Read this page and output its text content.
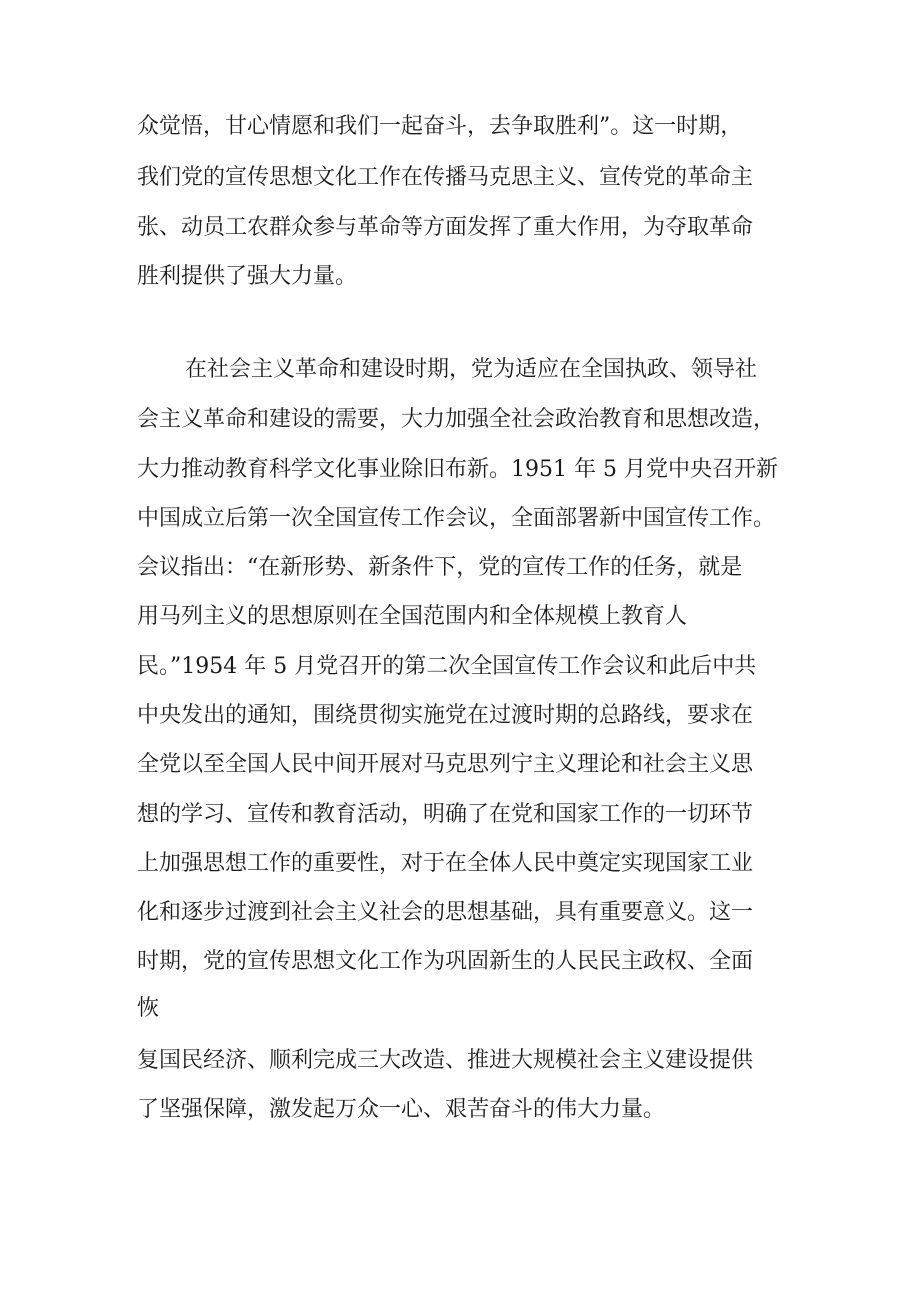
众觉悟，甘心情愿和我们一起奋斗，去争取胜利”。这一时期，
我们党的宣传思想文化工作在传播马克思主义、宣传党的革命主
张、动员工农群众参与革命等方面发挥了重大作用，为夺取革命
胜利提供了强大力量。
在社会主义革命和建设时期，党为适应在全国执政、领导社
会主义革命和建设的需要，大力加强全社会政治教育和思想改造，
大力推动教育科学文化事业除旧布新。1951 年 5 月党中央召开新
中国成立后第一次全国宣传工作会议，全面部署新中国宣传工作。
会议指出：“在新形势、新条件下，党的宣传工作的任务，就是
用马列主义的思想原则在全国范围内和全体规模上教育人
民。”1954 年 5 月党召开的第二次全国宣传工作会议和此后中共
中央发出的通知，围绕贯彻实施党在过渡时期的总路线，要求在
全党以至全国人民中间开展对马克思列宁主义理论和社会主义思
想的学习、宣传和教育活动，明确了在党和国家工作的一切环节
上加强思想工作的重要性，对于在全体人民中奠定实现国家工业
化和逐步过渡到社会主义社会的思想基础，具有重要意义。这一
时期，党的宣传思想文化工作为巩固新生的人民民主政权、全面
恢
复国民经济、顺利完成三大改造、推进大规模社会主义建设提供
了坚强保障，激发起万众一心、艰苦奋斗的伟大力量。
